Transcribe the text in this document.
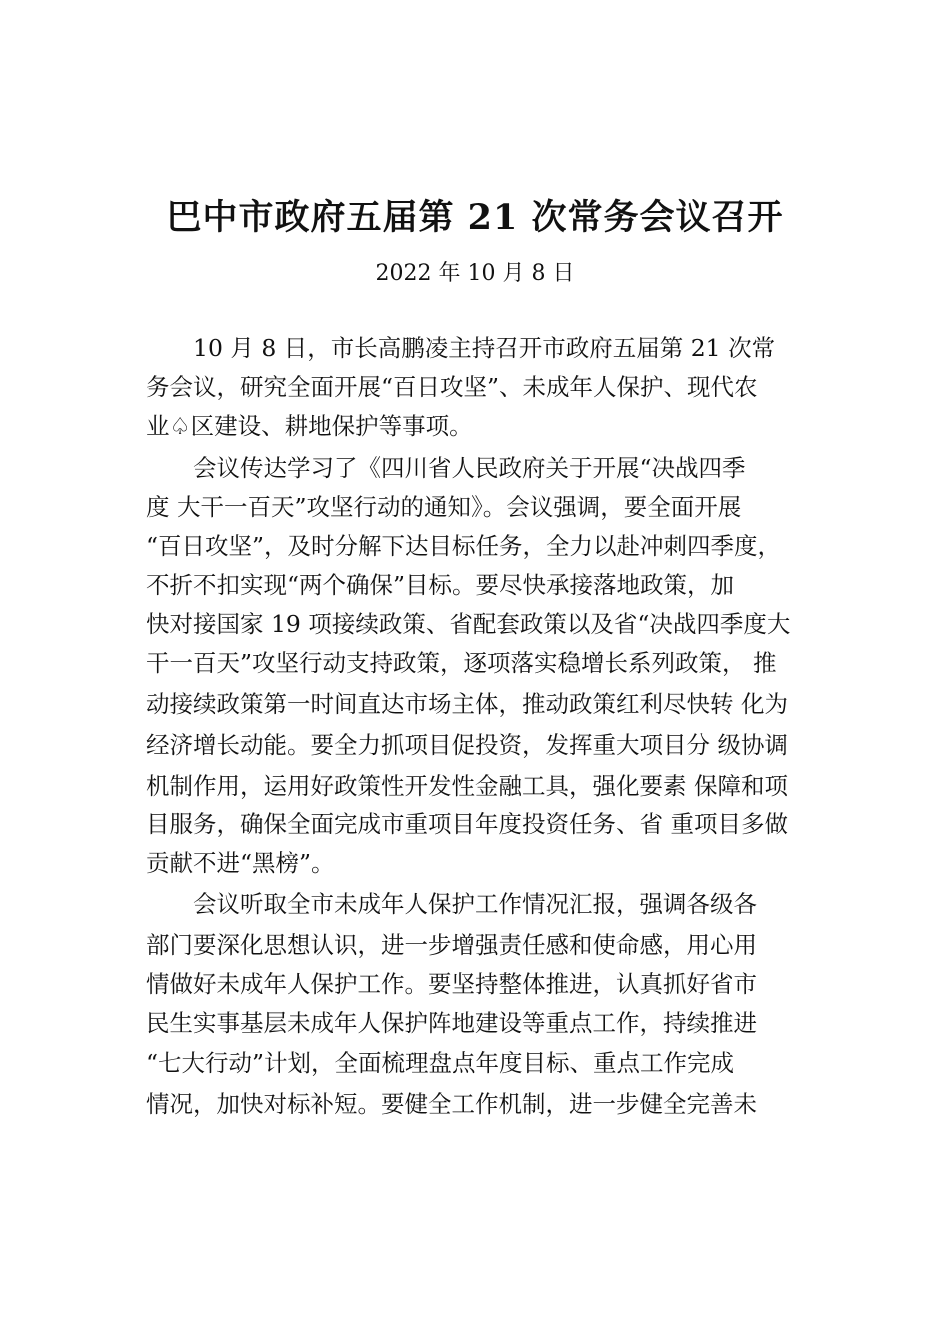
巴中市政府五届第 21 次常务会议召开
2022 年 10 月 8 日
10 月 8 日，市长高鹏凌主持召开市政府五届第 21 次常
务会议，研究全面开展“百日攻坚”、未成年人保护、现代农
业♤区建设、耕地保护等事项。
会议传达学习了《四川省人民政府关于开展“决战四季
度 大干一百天”攻坚行动的通知》。会议强调，要全面开展
“百日攻坚”，及时分解下达目标任务，全力以赴冲刺四季度，
不折不扣实现“两个确保”目标。要尽快承接落地政策，加
快对接国家 19 项接续政策、省配套政策以及省“决战四季度大
干一百天”攻坚行动支持政策，逐项落实稳增长系列政策， 推
动接续政策第一时间直达市场主体，推动政策红利尽快转 化为
经济增长动能。要全力抓项目促投资，发挥重大项目分 级协调
机制作用，运用好政策性开发性金融工具，强化要素 保障和项
目服务，确保全面完成市重项目年度投资任务、省 重项目多做
贡献不进“黑榜”。
会议听取全市未成年人保护工作情况汇报，强调各级各
部门要深化思想认识，进一步增强责任感和使命感，用心用
情做好未成年人保护工作。要坚持整体推进，认真抓好省市
民生实事基层未成年人保护阵地建设等重点工作，持续推进
“七大行动”计划，全面梳理盘点年度目标、重点工作完成
情况，加快对标补短。要健全工作机制，进一步健全完善未
